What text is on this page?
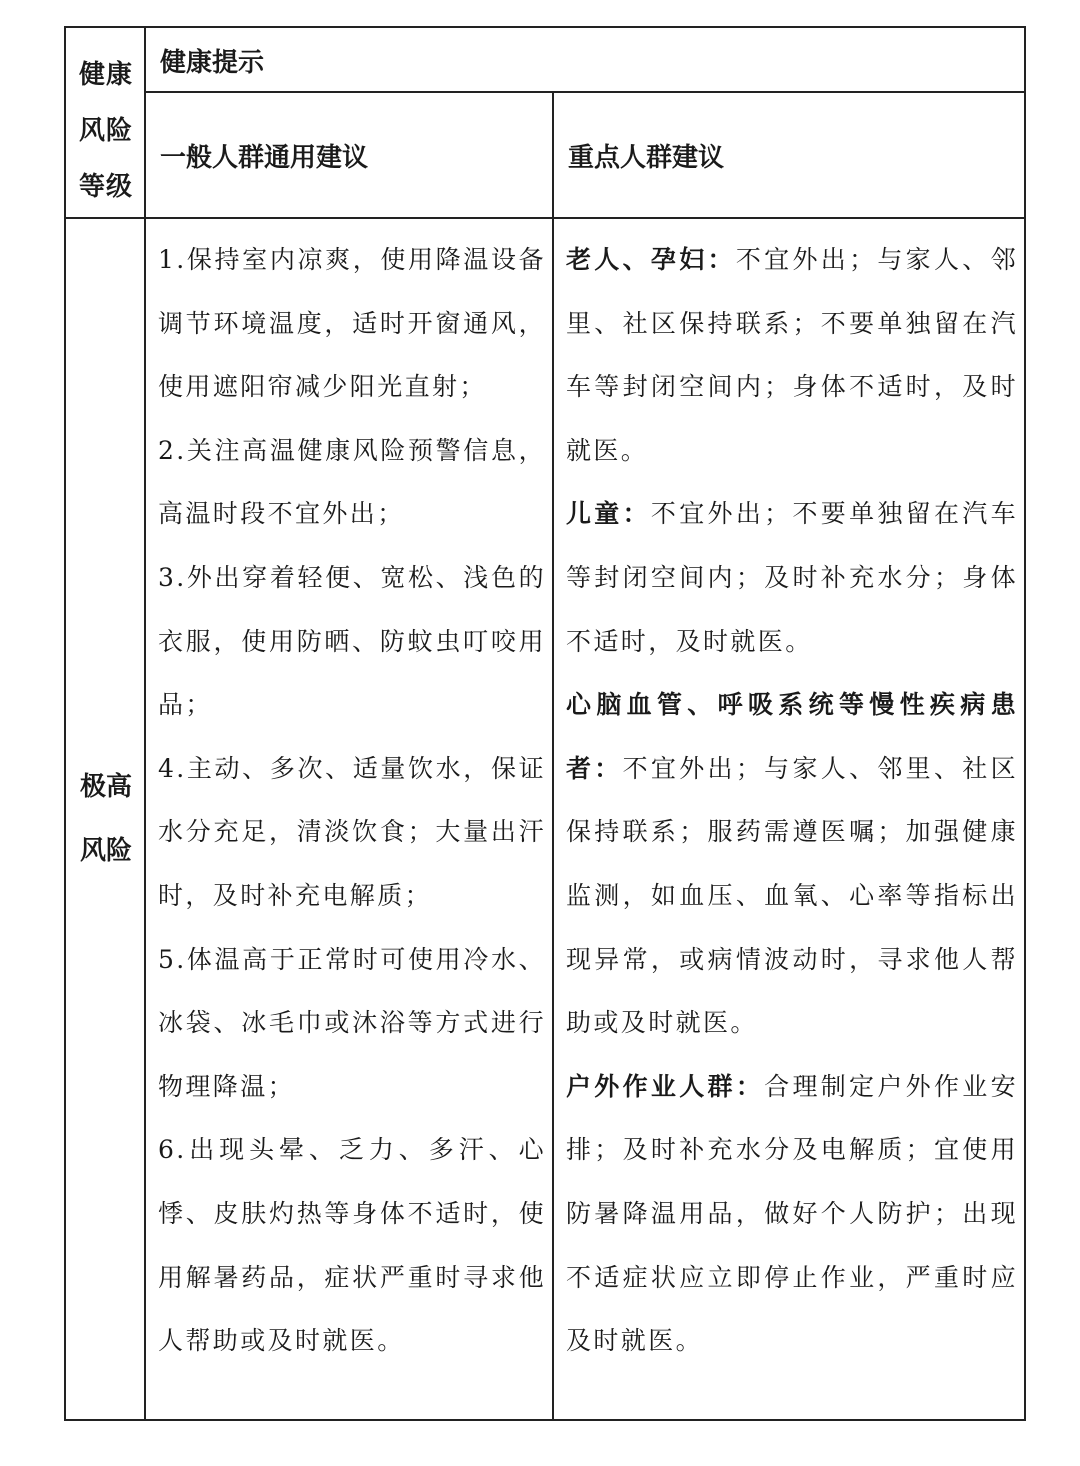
健康
风险
等级
健康提示
一般人群通用建议	重点人群建议
极高
风险

1.保持室内凉爽，使用降温设备调节环境温度，适时开窗通风，使用遮阳帘减少阳光直射；

2.关注高温健康风险预警信息，高温时段不宜外出；

3.外出穿着轻便、宽松、浅色的衣服，使用防晒、防蚊虫叮咬用品；

4.主动、多次、适量饮水，保证水分充足，清淡饮食；大量出汗时，及时补充电解质；

5.体温高于正常时可使用冷水、冰袋、冰毛巾或沐浴等方式进行物理降温；

6.出现头晕、乏力、多汗、心悸、皮肤灼热等身体不适时，使用解暑药品，症状严重时寻求他人帮助或及时就医。

老人、孕妇：不宜外出；与家人、邻里、社区保持联系；不要单独留在汽车等封闭空间内；身体不适时，及时就医。

儿童：不宜外出；不要单独留在汽车等封闭空间内；及时补充水分；身体不适时，及时就医。

心脑血管、呼吸系统等慢性疾病患者：不宜外出；与家人、邻里、社区保持联系；服药需遵医嘱；加强健康监测，如血压、血氧、心率等指标出现异常，或病情波动时，寻求他人帮助或及时就医。

户外作业人群：合理制定户外作业安排；及时补充水分及电解质；宜使用防暑降温用品，做好个人防护；出现不适症状应立即停止作业，严重时应及时就医。
